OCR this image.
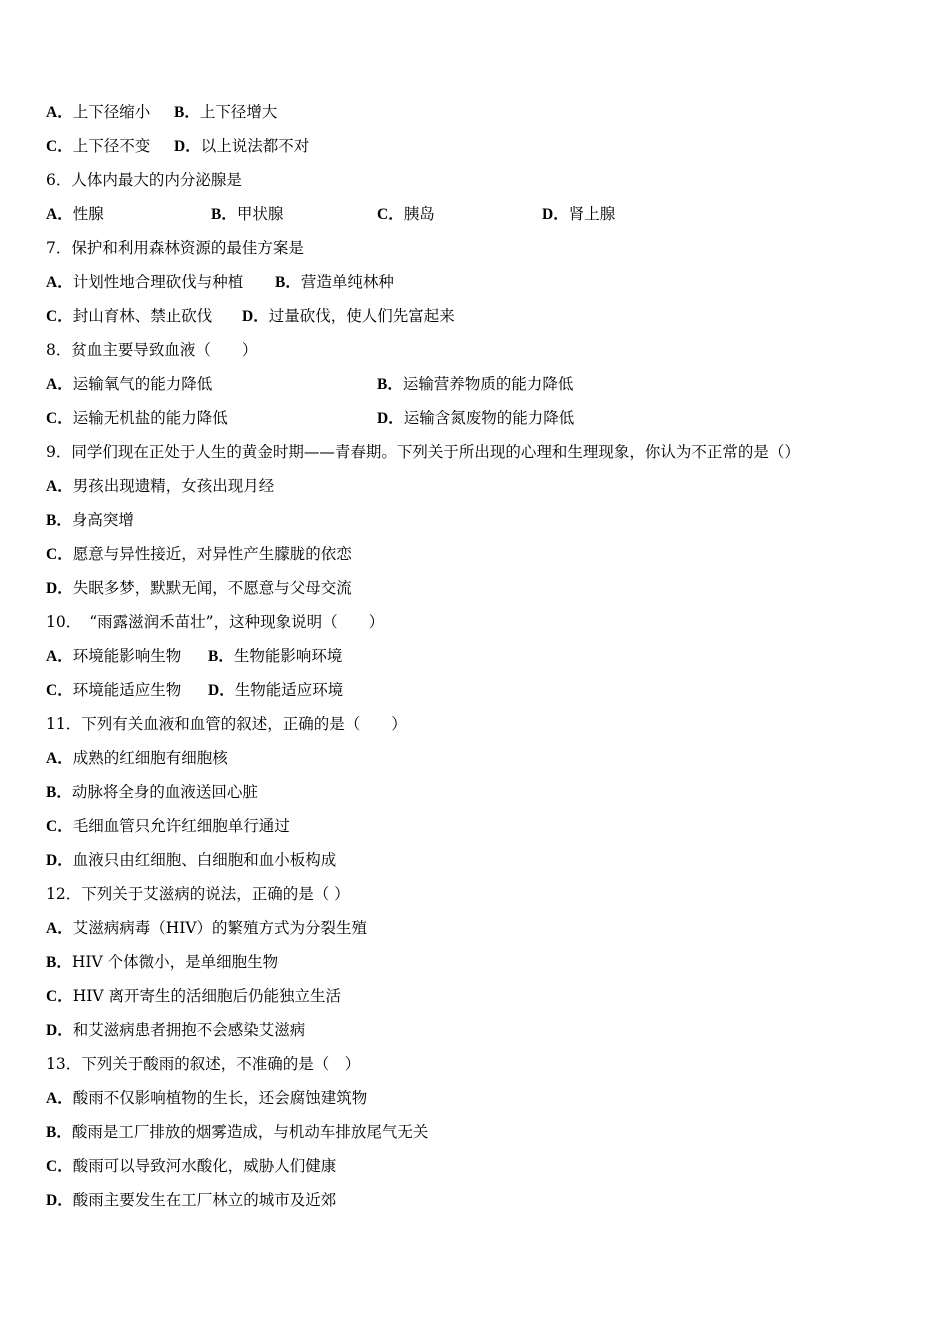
A．上下径缩小 B．上下径增大
C．上下径不变 D．以上说法都不对
6．人体内最大的内分泌腺是
A．性腺	B．甲状腺	C．胰岛	D．肾上腺
7．保护和利用森林资源的最佳方案是
A．计划性地合理砍伐与种植 B．营造单纯林种
C．封山育林、禁止砍伐 D．过量砍伐，使人们先富起来
8．贫血主要导致血液（　　）
A．运输氧气的能力降低	B．运输营养物质的能力降低
C．运输无机盐的能力降低	D．运输含氮废物的能力降低
9．同学们现在正处于人生的黄金时期——青春期。下列关于所出现的心理和生理现象，你认为不正常的是（）
A．男孩出现遗精，女孩出现月经
B．身高突增
C．愿意与异性接近，对异性产生朦胧的依恋
D．失眠多梦，默默无闻，不愿意与父母交流
10． “雨露滋润禾苗壮”，这种现象说明（　　）
A．环境能影响生物 B．生物能影响环境
C．环境能适应生物 D．生物能适应环境
11．下列有关血液和血管的叙述，正确的是（　　）
A．成熟的红细胞有细胞核
B．动脉将全身的血液送回心脏
C．毛细血管只允许红细胞单行通过
D．血液只由红细胞、白细胞和血小板构成
12．下列关于艾滋病的说法，正确的是（ ）
A．艾滋病病毒（HIV）的繁殖方式为分裂生殖
B．HIV 个体微小，是单细胞生物
C．HIV 离开寄生的活细胞后仍能独立生活
D．和艾滋病患者拥抱不会感染艾滋病
13．下列关于酸雨的叙述，不准确的是（　）
A．酸雨不仅影响植物的生长，还会腐蚀建筑物
B．酸雨是工厂排放的烟雾造成，与机动车排放尾气无关
C．酸雨可以导致河水酸化，威胁人们健康
D．酸雨主要发生在工厂林立的城市及近郊
